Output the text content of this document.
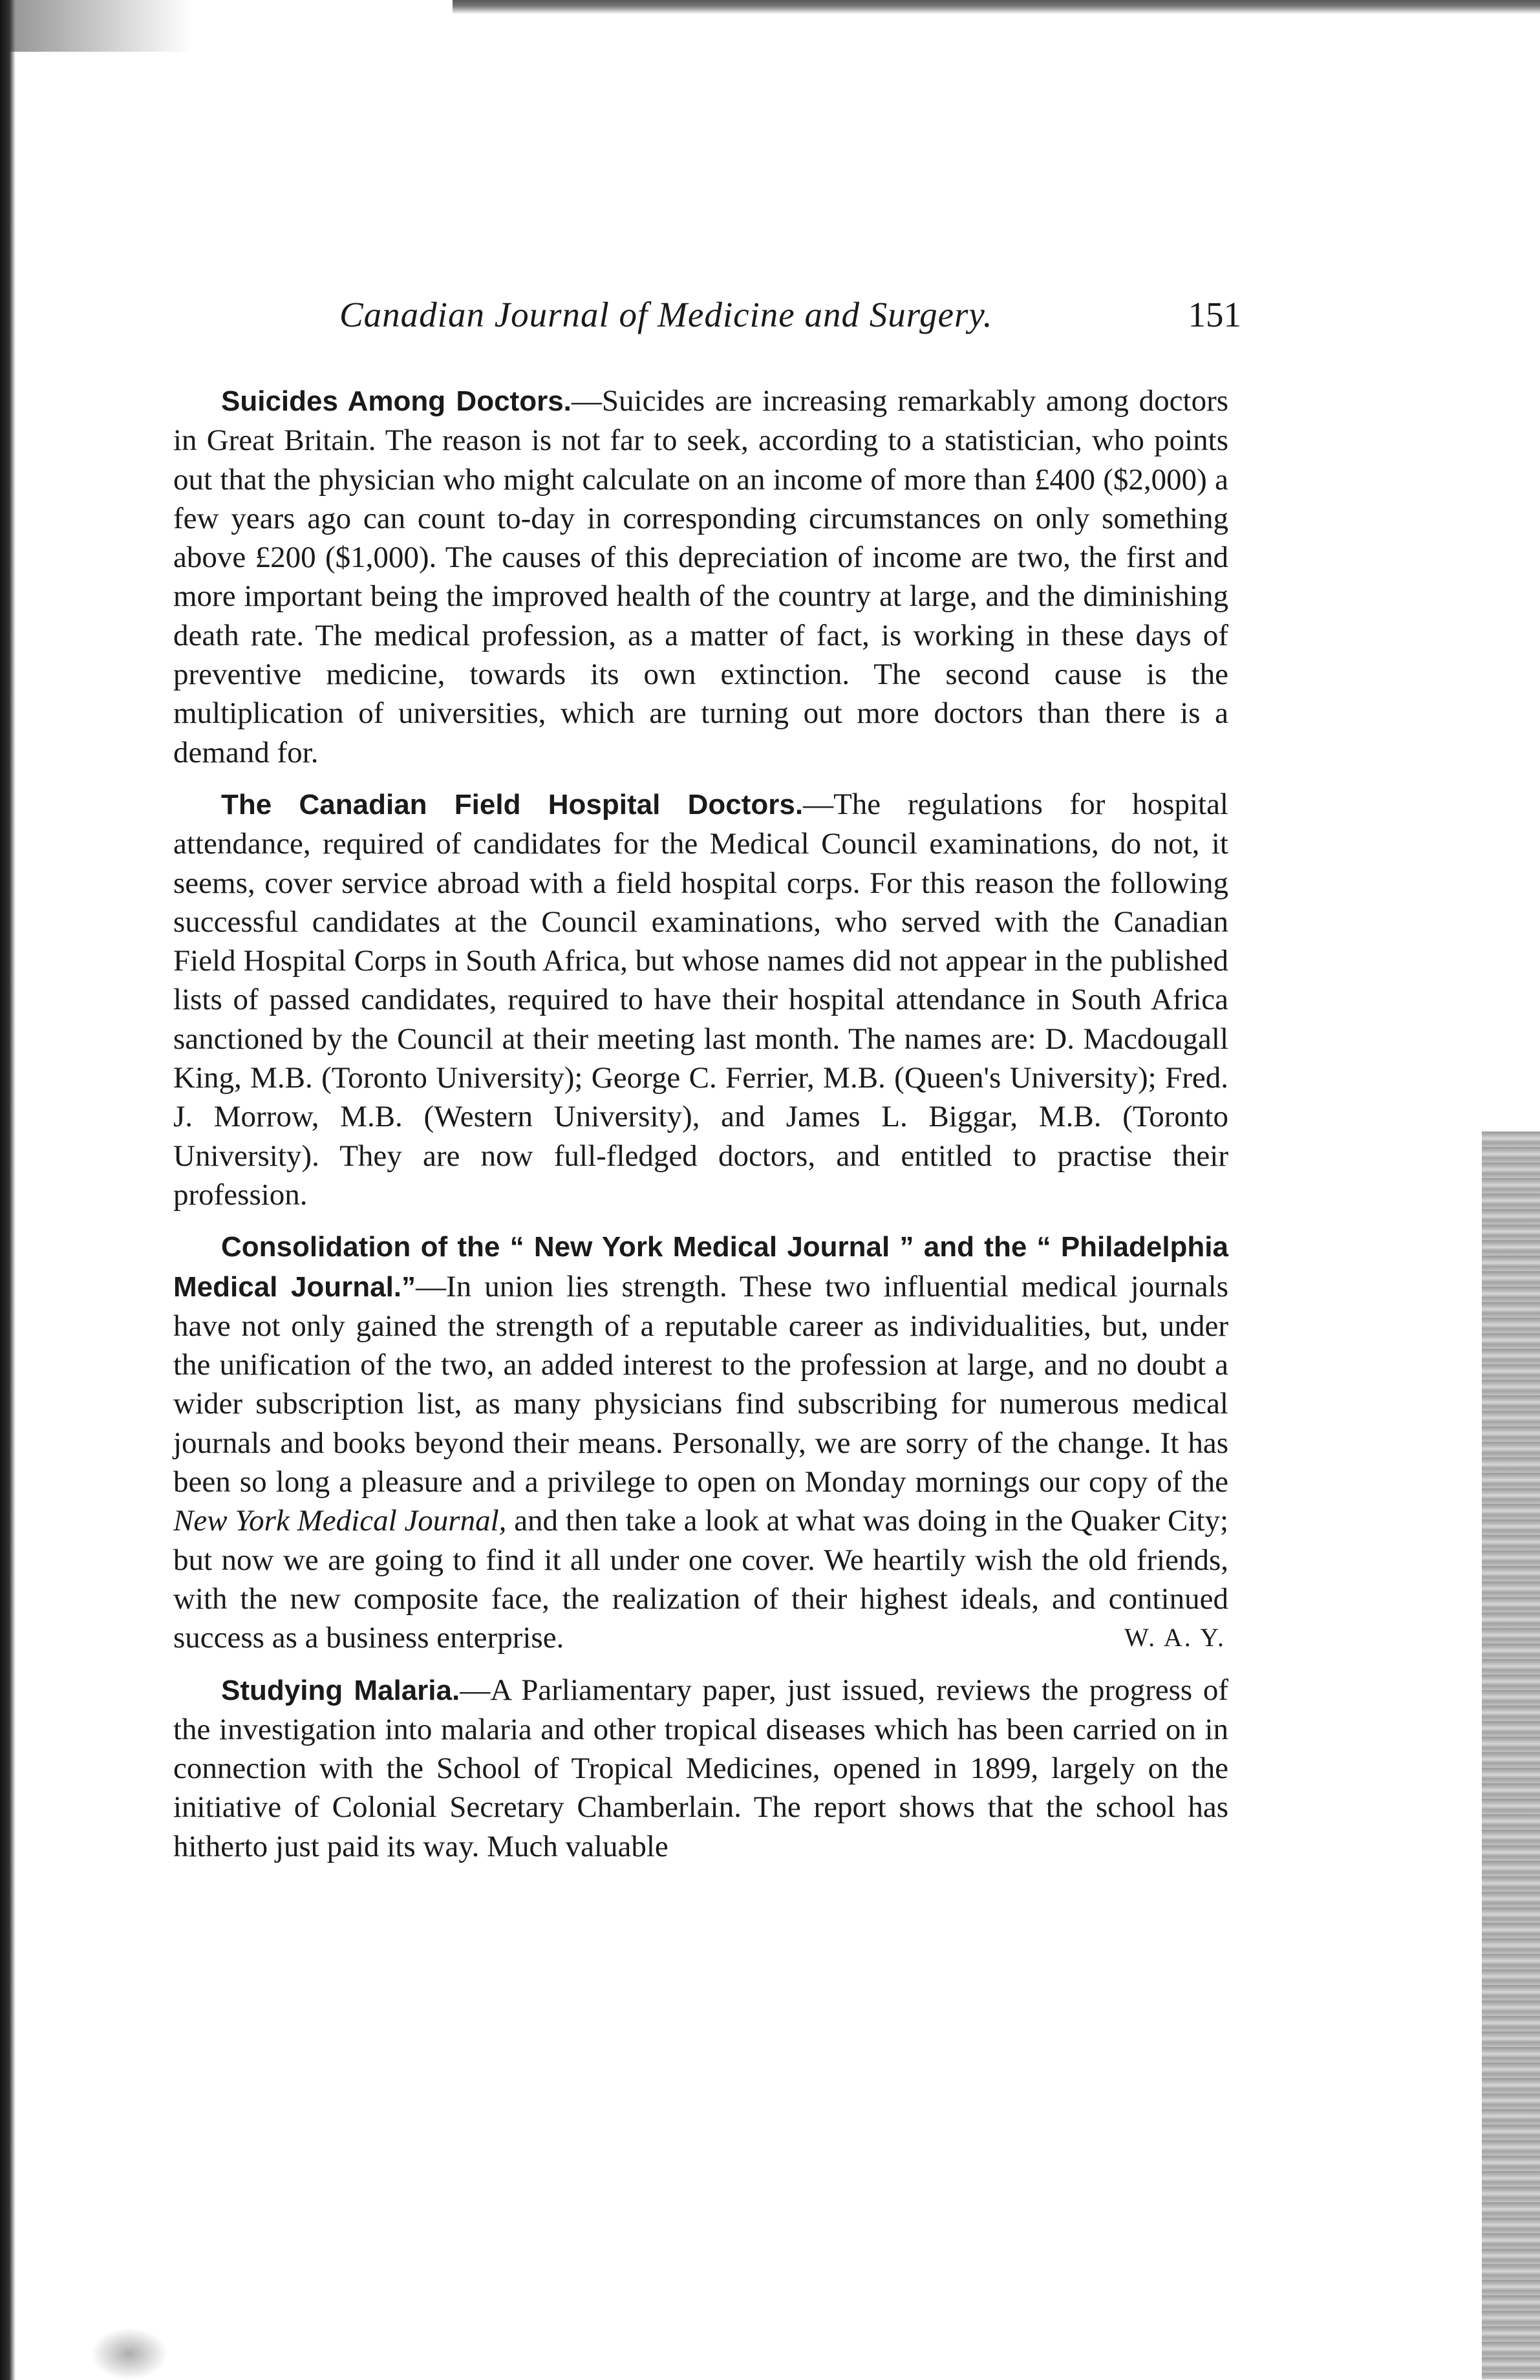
Canadian Journal of Medicine and Surgery.	151

Suicides Among Doctors.—Suicides are increasing remarkably among doctors in Great Britain. The reason is not far to seek, according to a statistician, who points out that the physician who might calculate on an income of more than £400 ($2,000) a few years ago can count to-day in corresponding circumstances on only something above £200 ($1,000). The causes of this depreciation of income are two, the first and more important being the improved health of the country at large, and the diminishing death rate. The medical profession, as a matter of fact, is working in these days of preventive medicine, towards its own extinction. The second cause is the multiplication of universities, which are turning out more doctors than there is a demand for.

The Canadian Field Hospital Doctors.—The regulations for hospital attendance, required of candidates for the Medical Council examinations, do not, it seems, cover service abroad with a field hospital corps. For this reason the following successful candidates at the Council examinations, who served with the Canadian Field Hospital Corps in South Africa, but whose names did not appear in the published lists of passed candidates, required to have their hospital attendance in South Africa sanctioned by the Council at their meeting last month. The names are: D. Macdougall King, M.B. (Toronto University); George C. Ferrier, M.B. (Queen's University); Fred. J. Morrow, M.B. (Western University), and James L. Biggar, M.B. (Toronto University). They are now full-fledged doctors, and entitled to practise their profession.

Consolidation of the “ New York Medical Journal ” and the “ Philadelphia Medical Journal.”—In union lies strength. These two influential medical journals have not only gained the strength of a reputable career as individualities, but, under the unification of the two, an added interest to the profession at large, and no doubt a wider subscription list, as many physicians find subscribing for numerous medical journals and books beyond their means. Personally, we are sorry of the change. It has been so long a pleasure and a privilege to open on Monday mornings our copy of the New York Medical Journal, and then take a look at what was doing in the Quaker City; but now we are going to find it all under one cover. We heartily wish the old friends, with the new composite face, the realization of their highest ideals, and continued success as a business enterprise.	W. A. Y.

Studying Malaria.—A Parliamentary paper, just issued, reviews the progress of the investigation into malaria and other tropical diseases which has been carried on in connection with the School of Tropical Medicines, opened in 1899, largely on the initiative of Colonial Secretary Chamberlain. The report shows that the school has hitherto just paid its way. Much valuable
